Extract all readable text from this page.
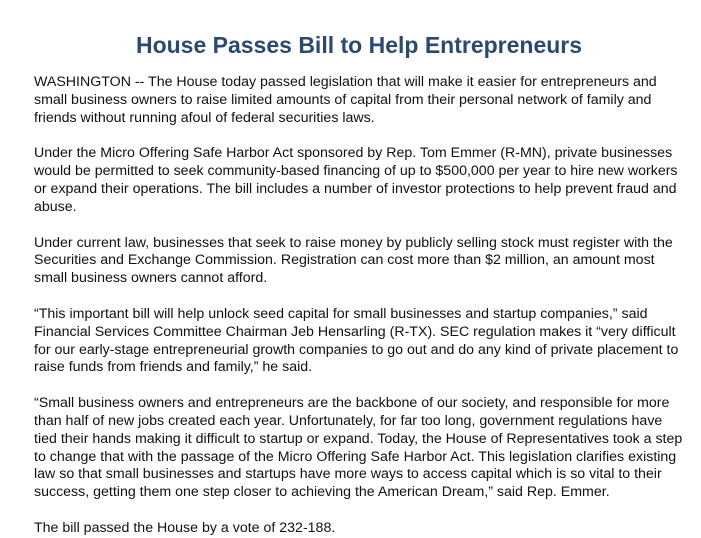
House Passes Bill to Help Entrepreneurs

WASHINGTON -- The House today passed legislation that will make it easier for entrepreneurs and small business owners to raise limited amounts of capital from their personal network of family and friends without running afoul of federal securities laws.

Under the Micro Offering Safe Harbor Act sponsored by Rep. Tom Emmer (R-MN), private businesses would be permitted to seek community-based financing of up to $500,000 per year to hire new workers or expand their operations. The bill includes a number of investor protections to help prevent fraud and abuse.

Under current law, businesses that seek to raise money by publicly selling stock must register with the Securities and Exchange Commission. Registration can cost more than $2 million, an amount most small business owners cannot afford.

“This important bill will help unlock seed capital for small businesses and startup companies,” said Financial Services Committee Chairman Jeb Hensarling (R-TX). SEC regulation makes it “very difficult for our early-stage entrepreneurial growth companies to go out and do any kind of private placement to raise funds from friends and family,” he said.

“Small business owners and entrepreneurs are the backbone of our society, and responsible for more than half of new jobs created each year. Unfortunately, for far too long, government regulations have tied their hands making it difficult to startup or expand. Today, the House of Representatives took a step to change that with the passage of the Micro Offering Safe Harbor Act. This legislation clarifies existing law so that small businesses and startups have more ways to access capital which is so vital to their success, getting them one step closer to achieving the American Dream,” said Rep. Emmer.

The bill passed the House by a vote of 232-188.
